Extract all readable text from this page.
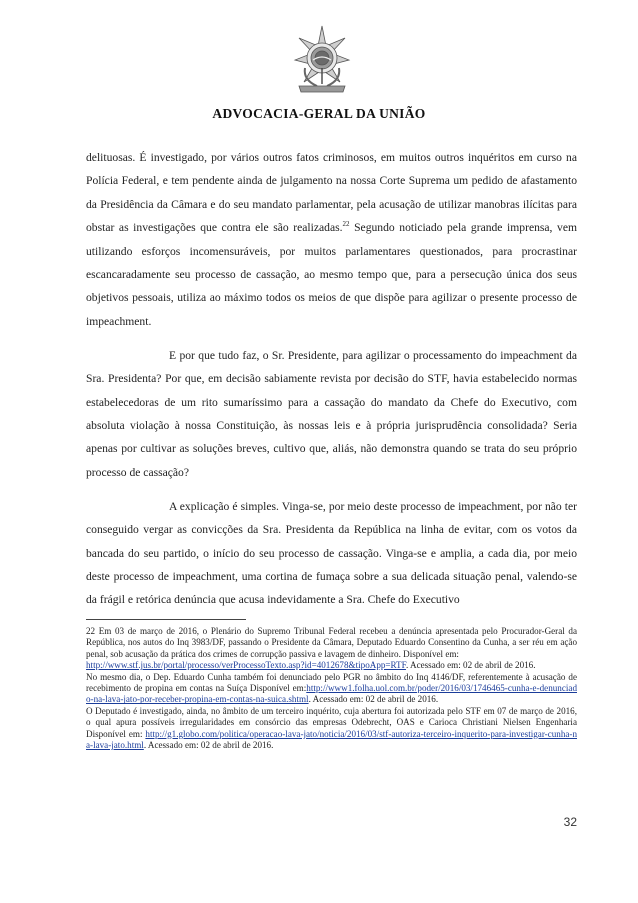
ADVOCACIA-GERAL DA UNIÃO

delituosas. É investigado, por vários outros fatos criminosos, em muitos outros inquéritos em curso na Polícia Federal, e tem pendente ainda de julgamento na nossa Corte Suprema um pedido de afastamento da Presidência da Câmara e do seu mandato parlamentar, pela acusação de utilizar manobras ilícitas para obstar as investigações que contra ele são realizadas.$^{22}$ Segundo noticiado pela grande imprensa, vem utilizando esforços incomensuráveis, por muitos parlamentares questionados, para procrastinar escancaradamente seu processo de cassação, ao mesmo tempo que, para a persecução única dos seus objetivos pessoais, utiliza ao máximo todos os meios de que dispõe para agilizar o presente processo de impeachment.

E por que tudo faz, o Sr. Presidente, para agilizar o processamento do impeachment da Sra. Presidenta? Por que, em decisão sabiamente revista por decisão do STF, havia estabelecido normas estabelecedoras de um rito sumaríssimo para a cassação do mandato da Chefe do Executivo, com absoluta violação à nossa Constituição, às nossas leis e à própria jurisprudência consolidada? Seria apenas por cultivar as soluções breves, cultivo que, aliás, não demonstra quando se trata do seu próprio processo de cassação?

A explicação é simples. Vinga-se, por meio deste processo de impeachment, por não ter conseguido vergar as convicções da Sra. Presidenta da República na linha de evitar, com os votos da bancada do seu partido, o início do seu processo de cassação. Vinga-se e amplia, a cada dia, por meio deste processo de impeachment, uma cortina de fumaça sobre a sua delicada situação penal, valendo-se da frágil e retórica denúncia que acusa indevidamente a Sra. Chefe do Executivo

22 Em 03 de março de 2016, o Plenário do Supremo Tribunal Federal recebeu a denúncia apresentada pelo Procurador-Geral da República, nos autos do Inq 3983/DF, passando o Presidente da Câmara, Deputado Eduardo Consentino da Cunha, a ser réu em ação penal, sob acusação da prática dos crimes de corrupção passiva e lavagem de dinheiro. Disponível em:
http://www.stf.jus.br/portal/processo/verProcessoTexto.asp?id=4012678&tipoApp=RTF. Acessado em: 02 de abril de 2016.

No mesmo dia, o Dep. Eduardo Cunha também foi denunciado pelo PGR no âmbito do Inq 4146/DF, referentemente à acusação de recebimento de propina em contas na Suíça Disponível em:http://www1.folha.uol.com.br/poder/2016/03/1746465-cunha-e-denunciado-na-lava-jato-por-receber-propina-em-contas-na-suica.shtml. Acessado em: 02 de abril de 2016.

O Deputado é investigado, ainda, no âmbito de um terceiro inquérito, cuja abertura foi autorizada pelo STF em 07 de março de 2016, o qual apura possíveis irregularidades em consórcio das empresas Odebrecht, OAS e Carioca Christiani Nielsen Engenharia Disponível em: http://g1.globo.com/politica/operacao-lava-jato/noticia/2016/03/stf-autoriza-terceiro-inquerito-para-investigar-cunha-na-lava-jato.html. Acessado em: 02 de abril de 2016.

32
